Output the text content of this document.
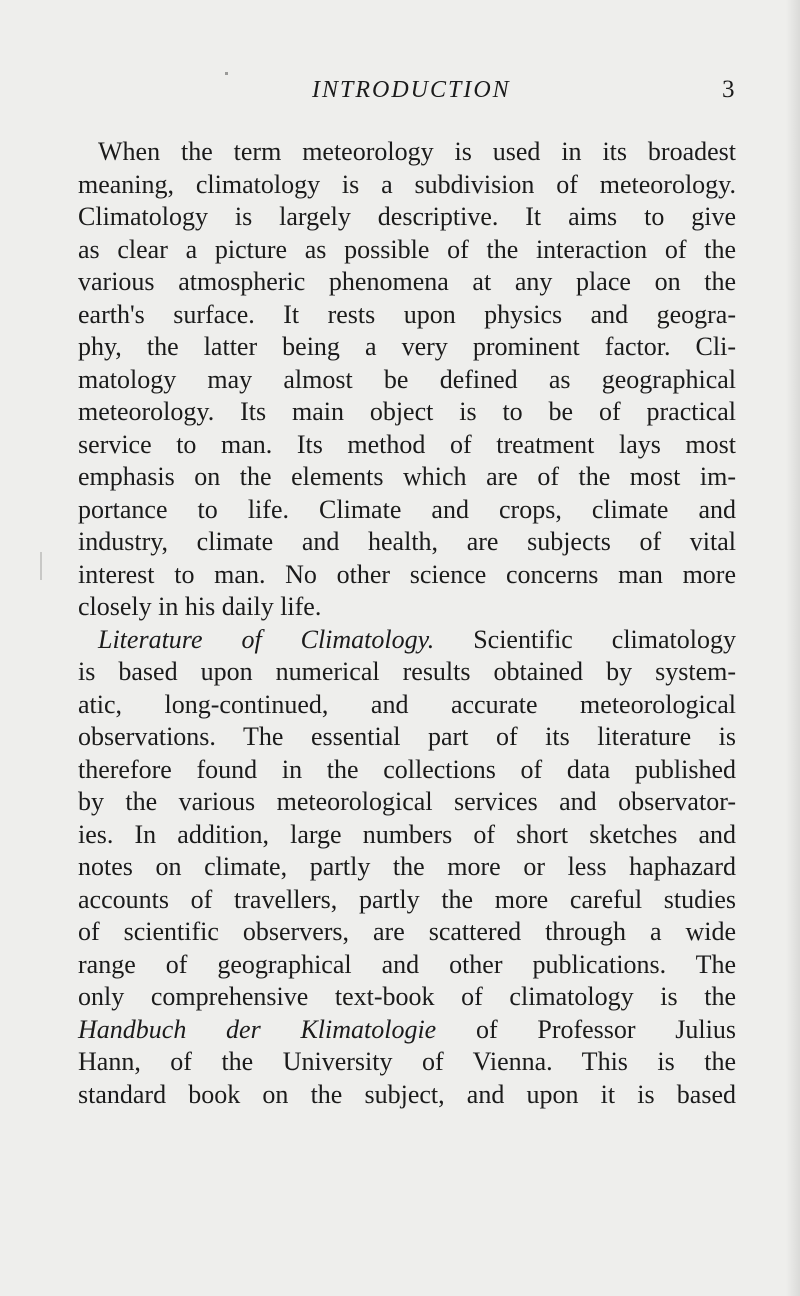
INTRODUCTION	3
When the term meteorology is used in its broadest
meaning, climatology is a subdivision of meteorology.
Climatology is largely descriptive. It aims to give
as clear a picture as possible of the interaction of the
various atmospheric phenomena at any place on the
earth's surface. It rests upon physics and geogra-
phy, the latter being a very prominent factor. Cli-
matology may almost be defined as geographical
meteorology. Its main object is to be of practical
service to man. Its method of treatment lays most
emphasis on the elements which are of the most im-
portance to life. Climate and crops, climate and
industry, climate and health, are subjects of vital
interest to man. No other science concerns man more
closely in his daily life.
Literature of Climatology. Scientific climatology
is based upon numerical results obtained by system-
atic, long-continued, and accurate meteorological
observations. The essential part of its literature is
therefore found in the collections of data published
by the various meteorological services and observator-
ies. In addition, large numbers of short sketches and
notes on climate, partly the more or less haphazard
accounts of travellers, partly the more careful studies
of scientific observers, are scattered through a wide
range of geographical and other publications. The
only comprehensive text-book of climatology is the
Handbuch der Klimatologie of Professor Julius
Hann, of the University of Vienna. This is the
standard book on the subject, and upon it is based
